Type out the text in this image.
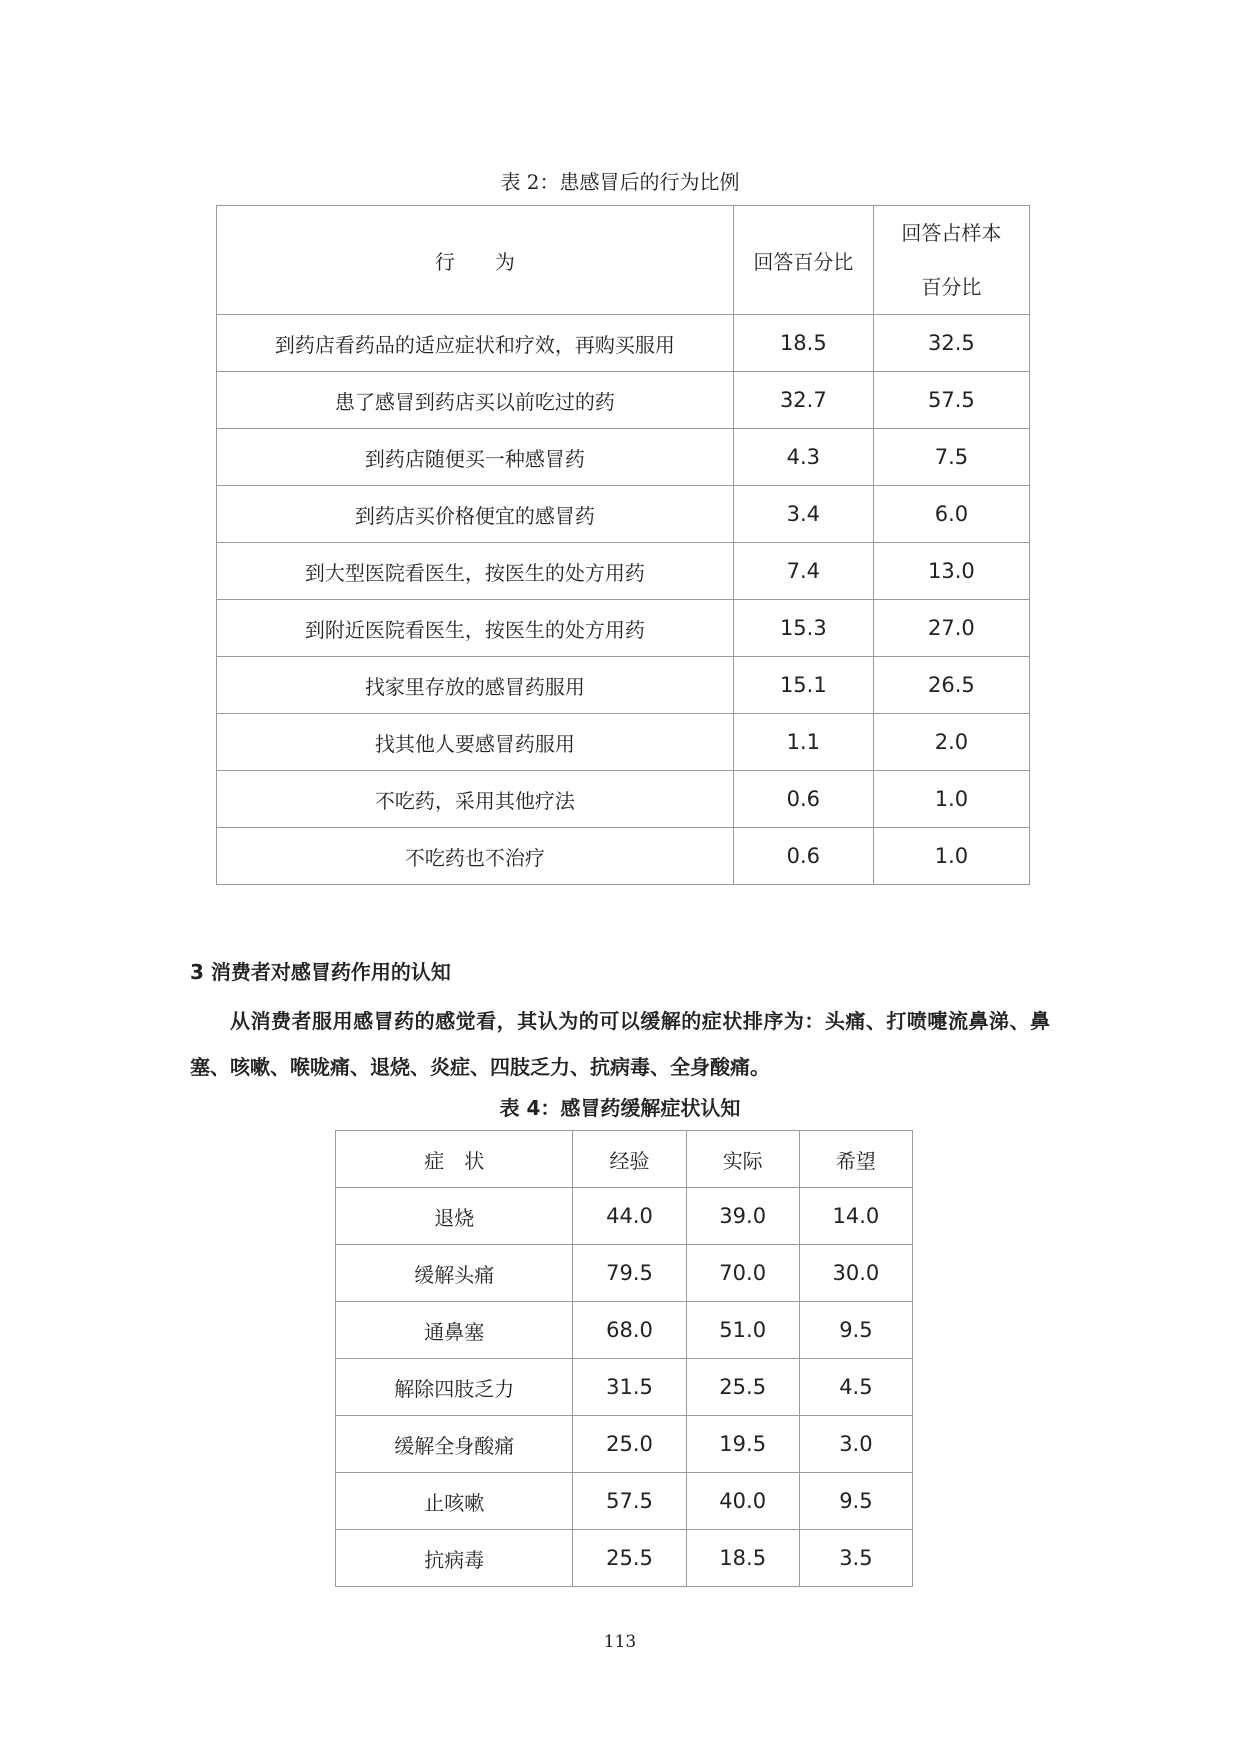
表 2：患感冒后的行为比例
行　　为	回答百分比	回答占样本
百分比

到药店看药品的适应症状和疗效，再购买服用	18.5	32.5
患了感冒到药店买以前吃过的药	32.7	57.5
到药店随便买一种感冒药	4.3	7.5
到药店买价格便宜的感冒药	3.4	6.0
到大型医院看医生，按医生的处方用药	7.4	13.0
到附近医院看医生，按医生的处方用药	15.3	27.0
找家里存放的感冒药服用	15.1	26.5
找其他人要感冒药服用	1.1	2.0
不吃药，采用其他疗法	0.6	1.0
不吃药也不治疗	0.6	1.0
3 消费者对感冒药作用的认知
从消费者服用感冒药的感觉看，其认为的可以缓解的症状排序为：头痛、打喷嚏流鼻涕、鼻塞、咳嗽、喉咙痛、退烧、炎症、四肢乏力、抗病毒、全身酸痛。
表 4：感冒药缓解症状认知
症　状	经验	实际	希望
退烧	44.0	39.0	14.0
缓解头痛	79.5	70.0	30.0
通鼻塞	68.0	51.0	9.5
解除四肢乏力	31.5	25.5	4.5
缓解全身酸痛	25.0	19.5	3.0
止咳嗽	57.5	40.0	9.5
抗病毒	25.5	18.5	3.5
113
